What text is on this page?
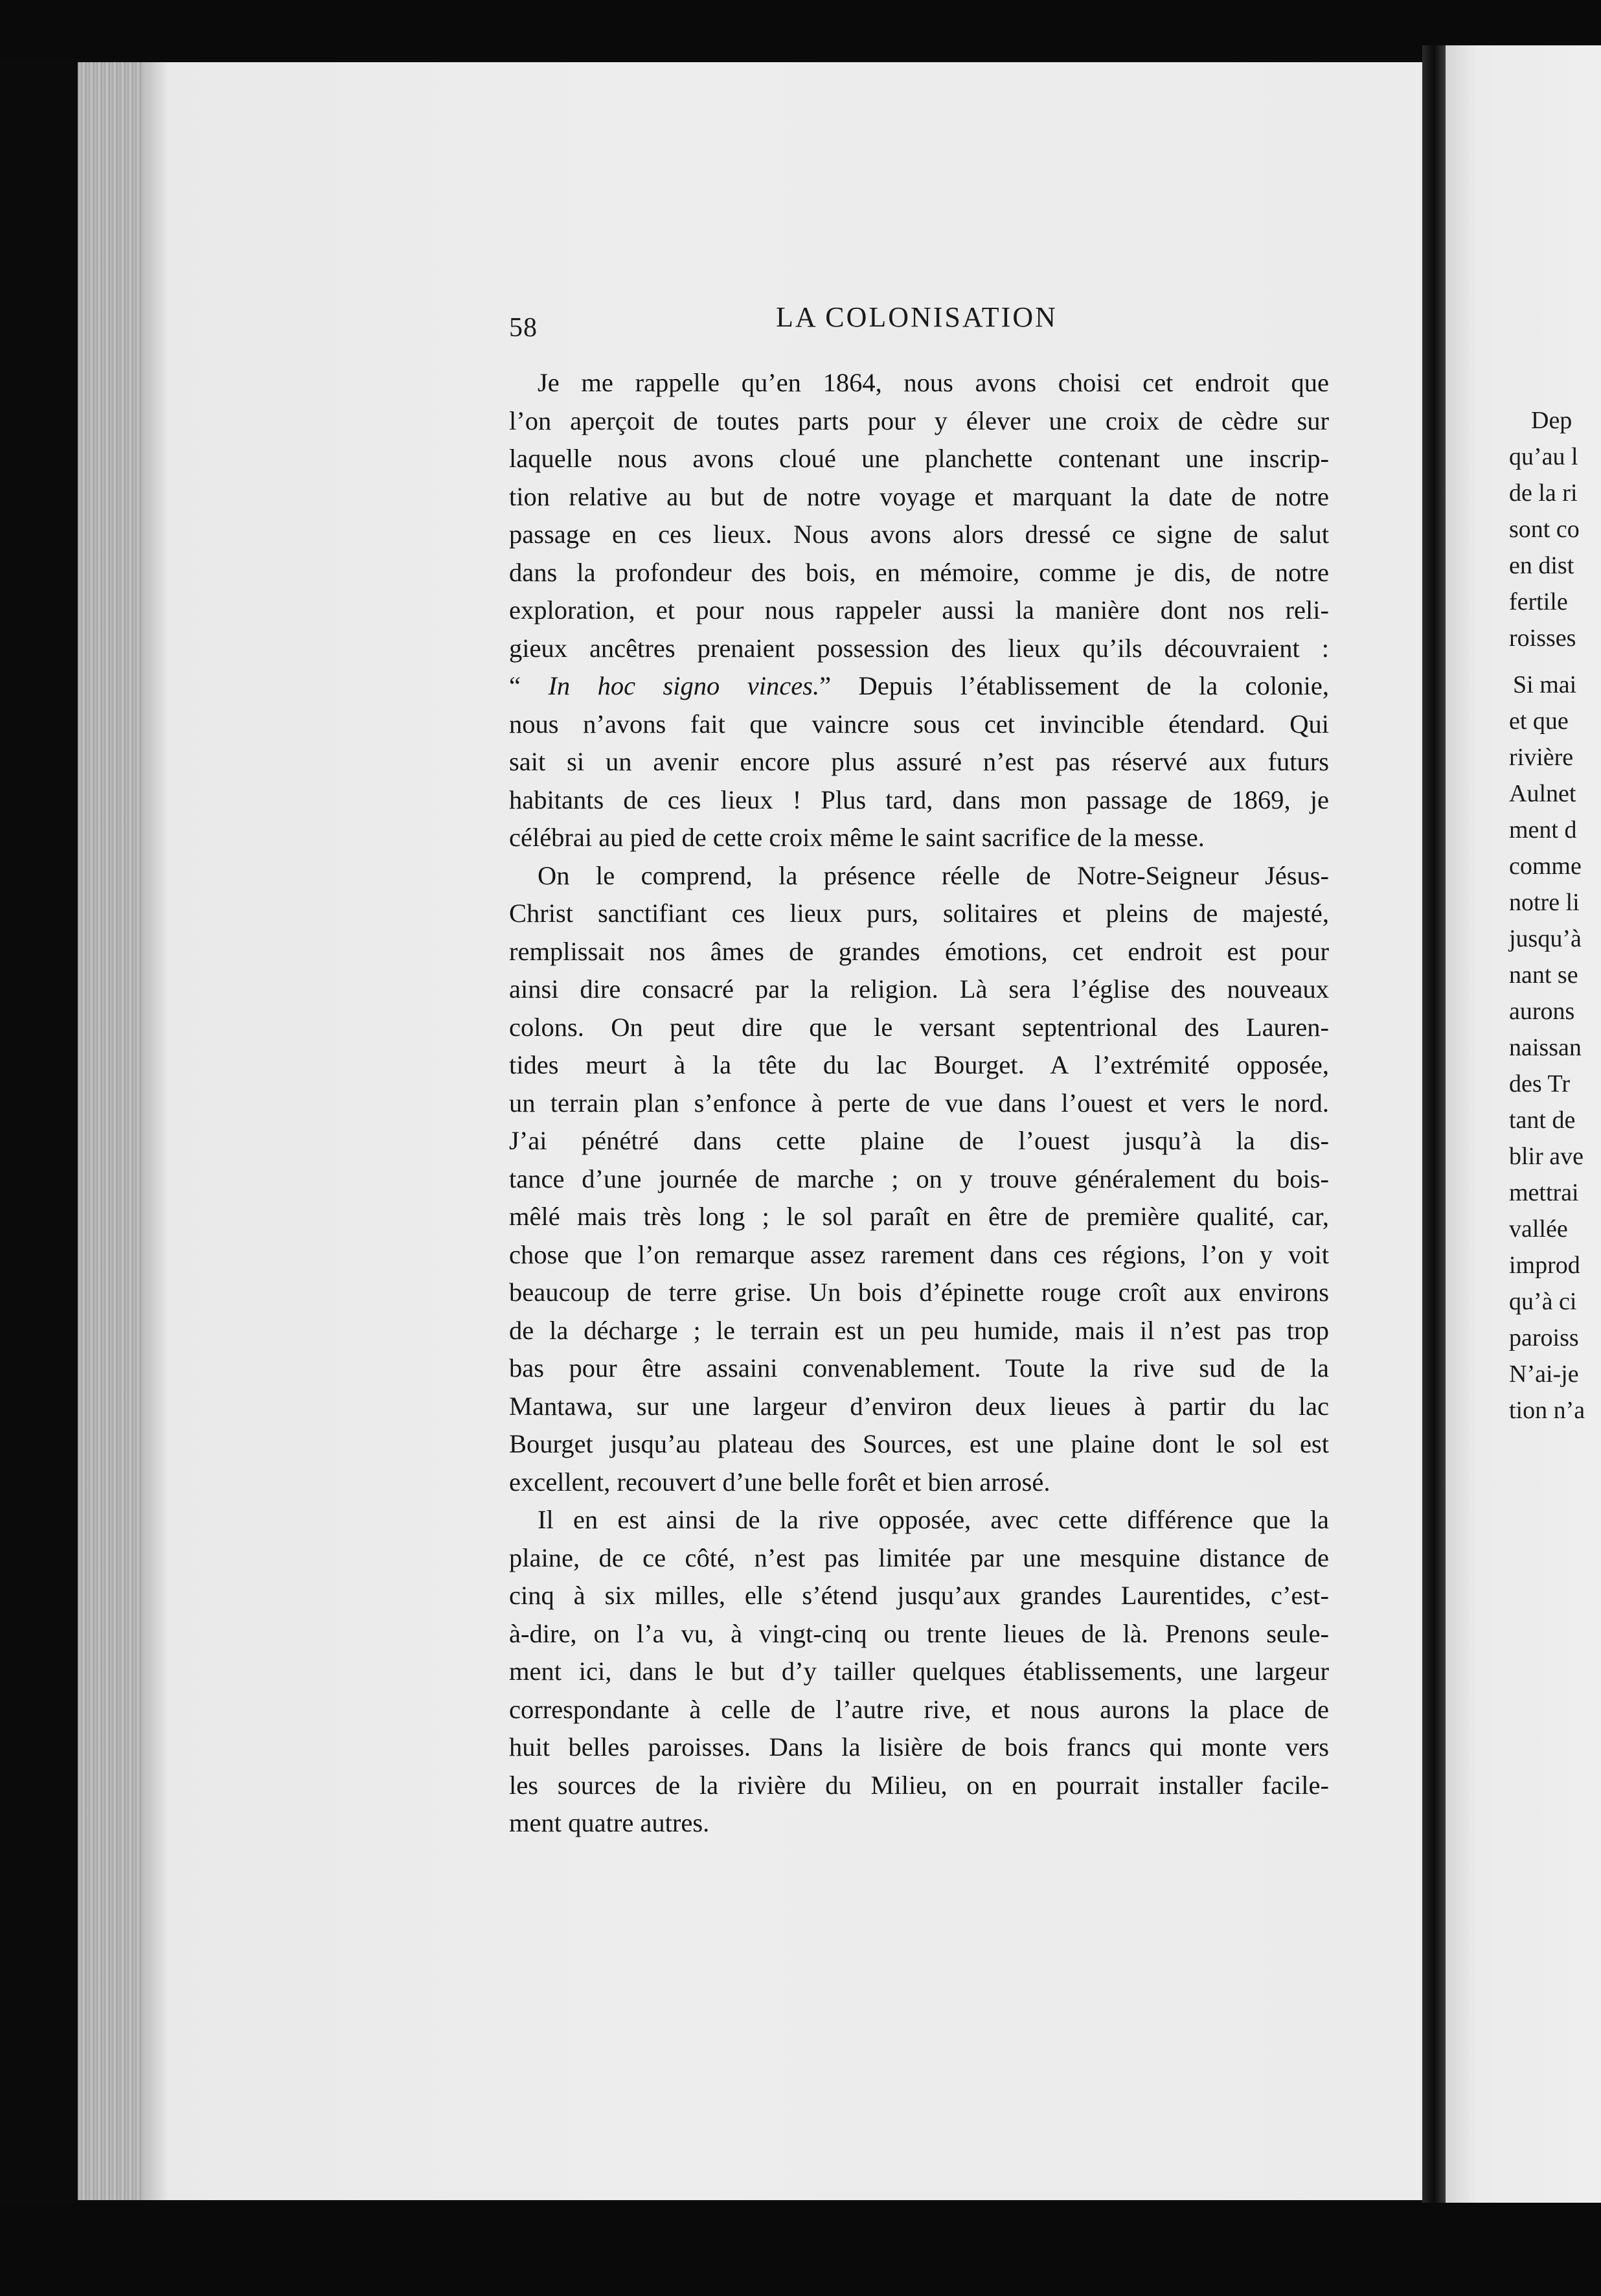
58	LA COLONISATION
Je me rappelle qu’en 1864, nous avons choisi cet endroit que
l’on aperçoit de toutes parts pour y élever une croix de cèdre sur
laquelle nous avons cloué une planchette contenant une inscrip-
tion relative au but de notre voyage et marquant la date de notre
passage en ces lieux. Nous avons alors dressé ce signe de salut
dans la profondeur des bois, en mémoire, comme je dis, de notre
exploration, et pour nous rappeler aussi la manière dont nos reli-
gieux ancêtres prenaient possession des lieux qu’ils découvraient :
“ In hoc signo vinces.” Depuis l’établissement de la colonie,
nous n’avons fait que vaincre sous cet invincible étendard. Qui
sait si un avenir encore plus assuré n’est pas réservé aux futurs
habitants de ces lieux ! Plus tard, dans mon passage de 1869, je
célébrai au pied de cette croix même le saint sacrifice de la messe.
On le comprend, la présence réelle de Notre-Seigneur Jésus-
Christ sanctifiant ces lieux purs, solitaires et pleins de majesté,
remplissait nos âmes de grandes émotions, cet endroit est pour
ainsi dire consacré par la religion. Là sera l’église des nouveaux
colons. On peut dire que le versant septentrional des Lauren-
tides meurt à la tête du lac Bourget. A l’extrémité opposée,
un terrain plan s’enfonce à perte de vue dans l’ouest et vers le nord.
J’ai pénétré dans cette plaine de l’ouest jusqu’à la dis-
tance d’une journée de marche ; on y trouve généralement du bois-
mêlé mais très long ; le sol paraît en être de première qualité, car,
chose que l’on remarque assez rarement dans ces régions, l’on y voit
beaucoup de terre grise. Un bois d’épinette rouge croît aux environs
de la décharge ; le terrain est un peu humide, mais il n’est pas trop
bas pour être assaini convenablement. Toute la rive sud de la
Mantawa, sur une largeur d’environ deux lieues à partir du lac
Bourget jusqu’au plateau des Sources, est une plaine dont le sol est
excellent, recouvert d’une belle forêt et bien arrosé.
Il en est ainsi de la rive opposée, avec cette différence que la
plaine, de ce côté, n’est pas limitée par une mesquine distance de
cinq à six milles, elle s’étend jusqu’aux grandes Laurentides, c’est-
à-dire, on l’a vu, à vingt-cinq ou trente lieues de là. Prenons seule-
ment ici, dans le but d’y tailler quelques établissements, une largeur
correspondante à celle de l’autre rive, et nous aurons la place de
huit belles paroisses. Dans la lisière de bois francs qui monte vers
les sources de la rivière du Milieu, on en pourrait installer facile-
ment quatre autres.
Dep
qu’au l
de la ri
sont co
en dist
fertile
roisses
Si mai
et que
rivière
Aulnet
ment d
comme
notre li
jusqu’à
nant se
aurons
naissan
des Tr
tant de
blir ave
mettrai
vallée
improd
qu’à ci
paroiss
N’ai-je
tion n’a
